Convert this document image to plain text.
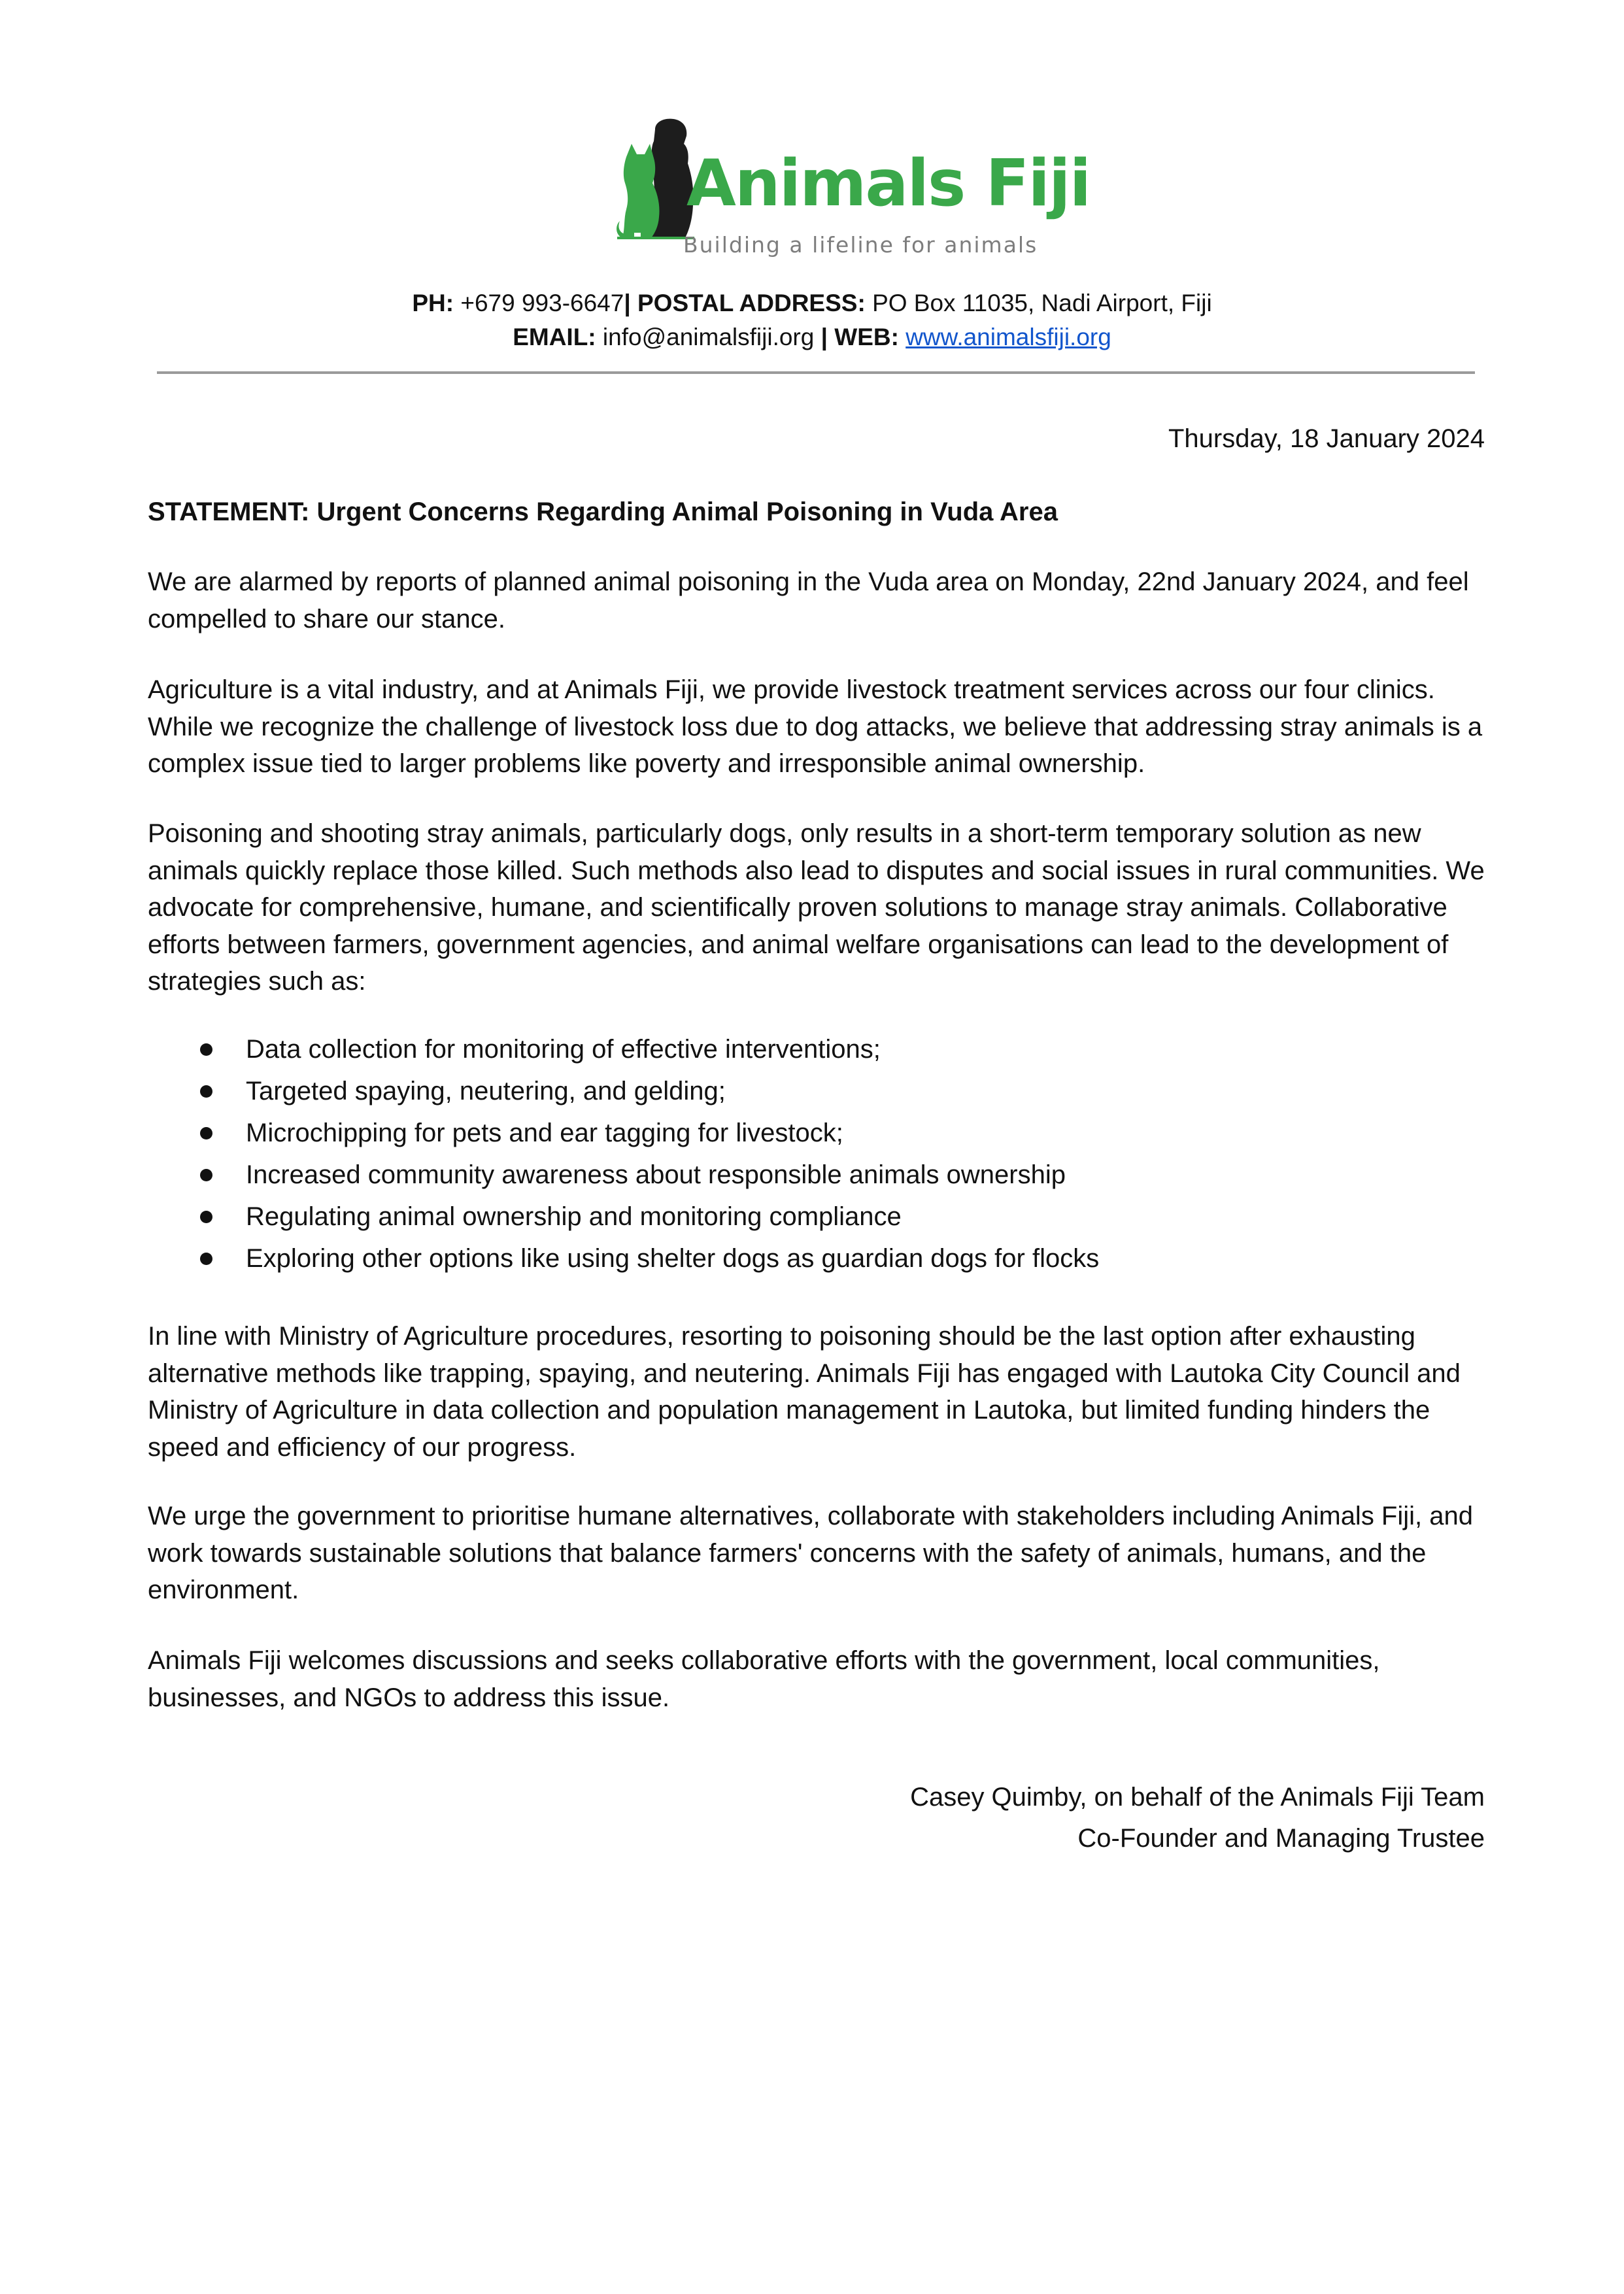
Animals Fiji
Building a lifeline for animals
PH: +679 993-6647| POSTAL ADDRESS: PO Box 11035, Nadi Airport, Fiji
EMAIL: info@animalsfiji.org | WEB: www.animalsfiji.org
Thursday, 18 January 2024
STATEMENT: Urgent Concerns Regarding Animal Poisoning in Vuda Area

We are alarmed by reports of planned animal poisoning in the Vuda area on Monday, 22nd January 2024, and feel compelled to share our stance.

Agriculture is a vital industry, and at Animals Fiji, we provide livestock treatment services across our four clinics. While we recognize the challenge of livestock loss due to dog attacks, we believe that addressing stray animals is a complex issue tied to larger problems like poverty and irresponsible animal ownership.

Poisoning and shooting stray animals, particularly dogs, only results in a short-term temporary solution as new animals quickly replace those killed. Such methods also lead to disputes and social issues in rural communities. We advocate for comprehensive, humane, and scientifically proven solutions to manage stray animals. Collaborative efforts between farmers, government agencies, and animal welfare organisations can lead to the development of strategies such as:

Data collection for monitoring of effective interventions;
Targeted spaying, neutering, and gelding;
Microchipping for pets and ear tagging for livestock;
Increased community awareness about responsible animals ownership
Regulating animal ownership and monitoring compliance
Exploring other options like using shelter dogs as guardian dogs for flocks

In line with Ministry of Agriculture procedures, resorting to poisoning should be the last option after exhausting alternative methods like trapping, spaying, and neutering. Animals Fiji has engaged with Lautoka City Council and Ministry of Agriculture in data collection and population management in Lautoka, but limited funding hinders the speed and efficiency of our progress.

We urge the government to prioritise humane alternatives, collaborate with stakeholders including Animals Fiji, and work towards sustainable solutions that balance farmers' concerns with the safety of animals, humans, and the environment.

Animals Fiji welcomes discussions and seeks collaborative efforts with the government, local communities, businesses, and NGOs to address this issue.

Casey Quimby, on behalf of the Animals Fiji Team
Co-Founder and Managing Trustee
